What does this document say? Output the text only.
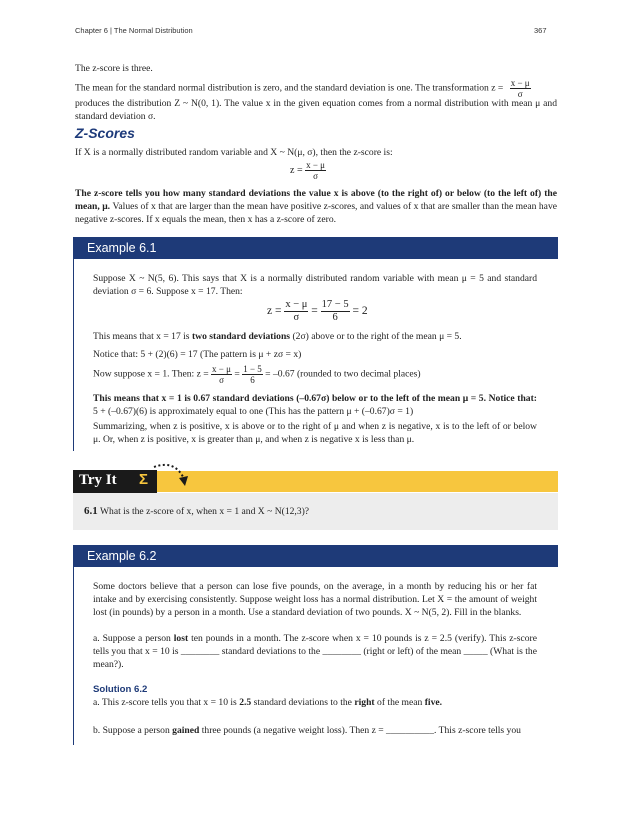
Chapter 6 | The Normal Distribution	367
The z-score is three.
The mean for the standard normal distribution is zero, and the standard deviation is one. The transformation $z = \frac{x - \mu}{\sigma}$
produces the distribution Z ~ N(0, 1). The value x in the given equation comes from a normal distribution with mean μ and standard deviation σ.
Z-Scores
If X is a normally distributed random variable and X ~ N(μ, σ), then the z-score is:
$z = \frac{x - \mu}{\sigma}$
The z-score tells you how many standard deviations the value x is above (to the right of) or below (to the left of) the mean, μ. Values of x that are larger than the mean have positive z-scores, and values of x that are smaller than the mean have negative z-scores. If x equals the mean, then x has a z-score of zero.
Example 6.1
Suppose X ~ N(5, 6). This says that X is a normally distributed random variable with mean μ = 5 and standard deviation σ = 6. Suppose x = 17. Then:
$z = \frac{x - \mu}{\sigma} = \frac{17 - 5}{6} = 2$
This means that x = 17 is two standard deviations (2σ) above or to the right of the mean μ = 5.
Notice that: 5 + (2)(6) = 17 (The pattern is μ + zσ = x)
Now suppose x = 1. Then: $z = \frac{x - \mu}{\sigma} = \frac{1 - 5}{6} = -0.67$ (rounded to two decimal places)
This means that x = 1 is 0.67 standard deviations (–0.67σ) below or to the left of the mean μ = 5. Notice that: 5 + (–0.67)(6) is approximately equal to one (This has the pattern μ + (–0.67)σ = 1)
Summarizing, when z is positive, x is above or to the right of μ and when z is negative, x is to the left of or below μ. Or, when z is positive, x is greater than μ, and when z is negative x is less than μ.
Try It Σ
6.1 What is the z-score of x, when x = 1 and X ~ N(12,3)?
Example 6.2
Some doctors believe that a person can lose five pounds, on the average, in a month by reducing his or her fat intake and by exercising consistently. Suppose weight loss has a normal distribution. Let X = the amount of weight lost (in pounds) by a person in a month. Use a standard deviation of two pounds. X ~ N(5, 2). Fill in the blanks.
a. Suppose a person lost ten pounds in a month. The z-score when x = 10 pounds is z = 2.5 (verify). This z-score tells you that x = 10 is ________ standard deviations to the ________ (right or left) of the mean _____ (What is the mean?).
Solution 6.2
a. This z-score tells you that x = 10 is 2.5 standard deviations to the right of the mean five.
b. Suppose a person gained three pounds (a negative weight loss). Then z = __________. This z-score tells you
